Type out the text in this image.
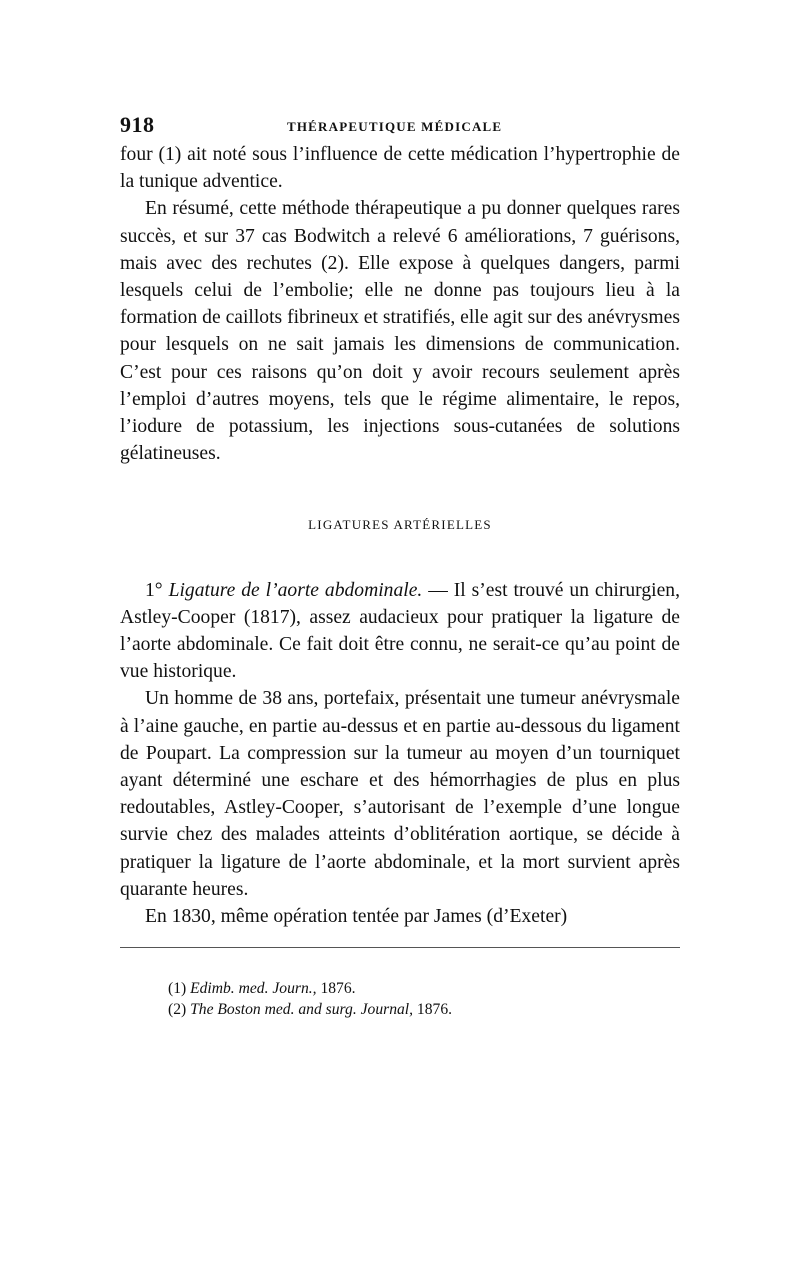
918	THÉRAPEUTIQUE MÉDICALE

four (1) ait noté sous l’influence de cette médication l’hypertrophie de la tunique adventice.

En résumé, cette méthode thérapeutique a pu donner quelques rares succès, et sur 37 cas Bodwitch a relevé 6 améliorations, 7 guérisons, mais avec des rechutes (2). Elle expose à quelques dangers, parmi lesquels celui de l’embolie; elle ne donne pas toujours lieu à la formation de caillots fibrineux et stratifiés, elle agit sur des anévrysmes pour lesquels on ne sait jamais les dimensions de communication. C’est pour ces raisons qu’on doit y avoir recours seulement après l’emploi d’autres moyens, tels que le régime alimentaire, le repos, l’iodure de potassium, les injections sous-cutanées de solutions gélatineuses.

LIGATURES ARTÉRIELLES

1° Ligature de l’aorte abdominale. — Il s’est trouvé un chirurgien, Astley-Cooper (1817), assez audacieux pour pratiquer la ligature de l’aorte abdominale. Ce fait doit être connu, ne serait-ce qu’au point de vue historique.

Un homme de 38 ans, portefaix, présentait une tumeur anévrysmale à l’aine gauche, en partie au-dessus et en partie au-dessous du ligament de Poupart. La compression sur la tumeur au moyen d’un tourniquet ayant déterminé une eschare et des hémorrhagies de plus en plus redoutables, Astley-Cooper, s’autorisant de l’exemple d’une longue survie chez des malades atteints d’oblitération aortique, se décide à pratiquer la ligature de l’aorte abdominale, et la mort survient après quarante heures.

En 1830, même opération tentée par James (d’Exeter)

(1) Edimb. med. Journ., 1876.

(2) The Boston med. and surg. Journal, 1876.
